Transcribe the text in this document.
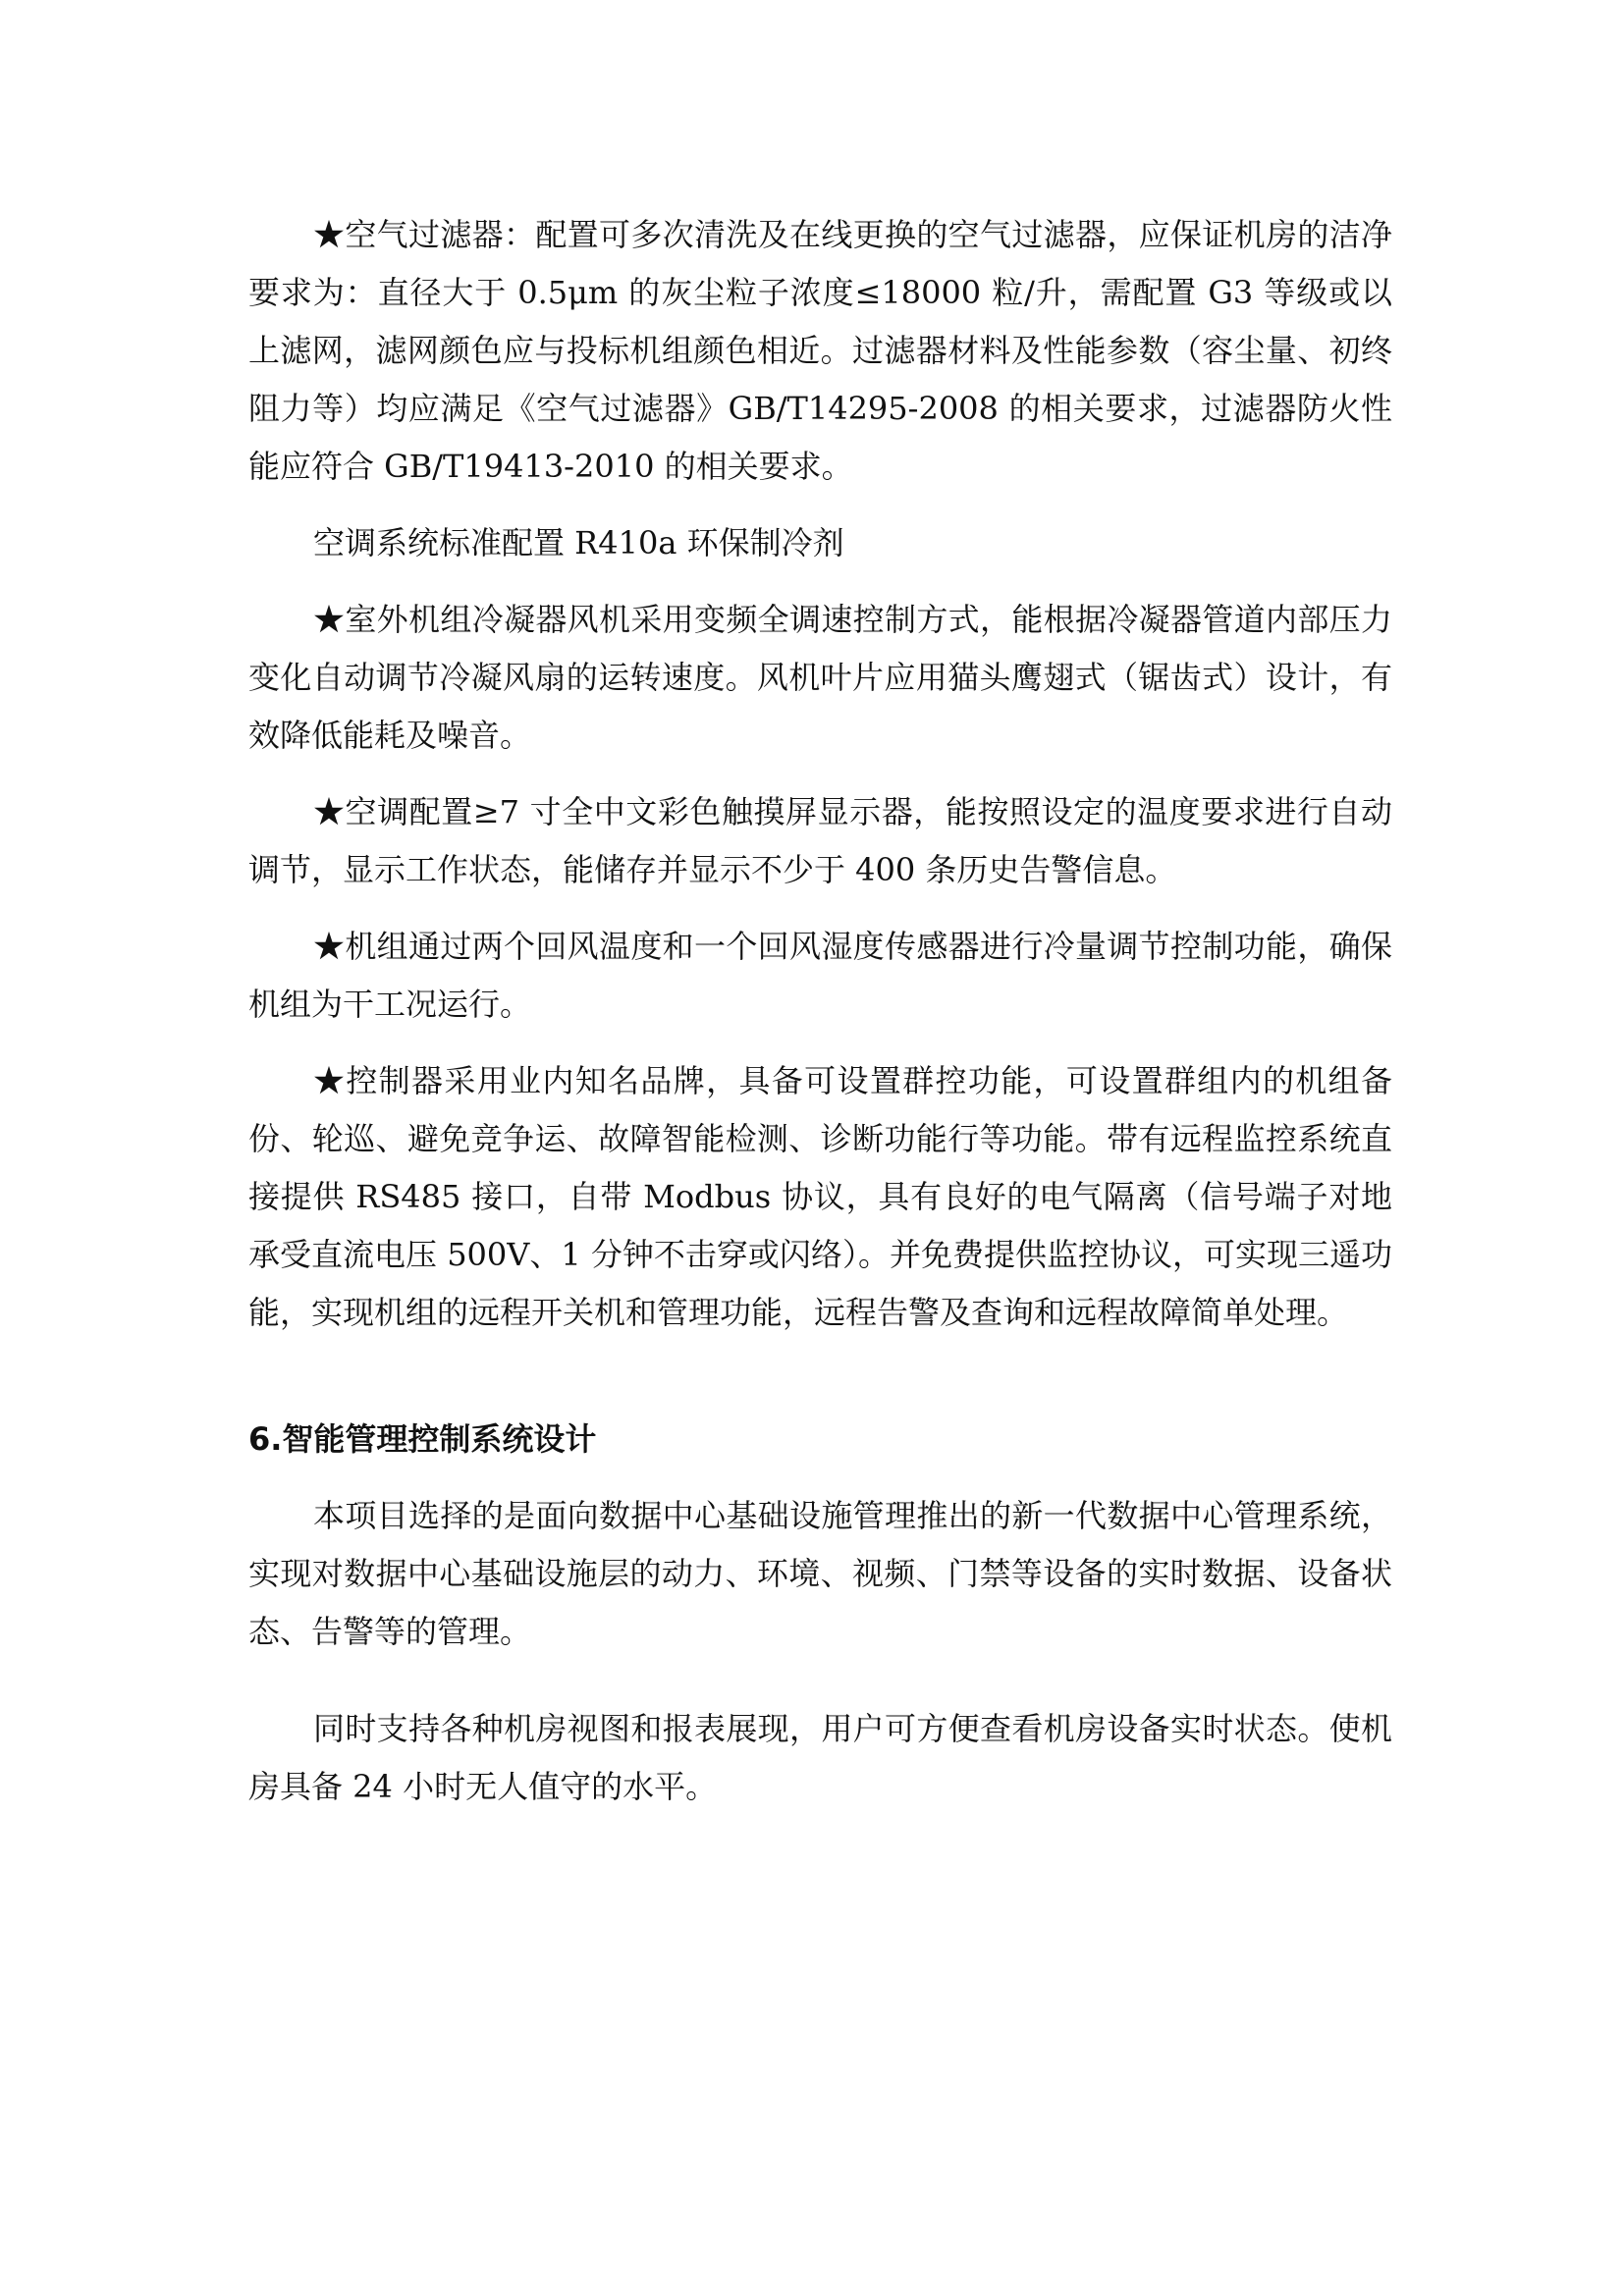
★空气过滤器：配置可多次清洗及在线更换的空气过滤器，应保证机房的洁净要求为：直径大于 0.5μm 的灰尘粒子浓度≤18000 粒/升，需配置 G3 等级或以上滤网，滤网颜色应与投标机组颜色相近。过滤器材料及性能参数（容尘量、初终阻力等）均应满足《空气过滤器》GB/T14295-2008 的相关要求，过滤器防火性能应符合 GB/T19413-2010 的相关要求。

空调系统标准配置 R410a 环保制冷剂

★室外机组冷凝器风机采用变频全调速控制方式，能根据冷凝器管道内部压力变化自动调节冷凝风扇的运转速度。风机叶片应用猫头鹰翅式（锯齿式）设计，有效降低能耗及噪音。

★空调配置≥7 寸全中文彩色触摸屏显示器，能按照设定的温度要求进行自动调节，显示工作状态，能储存并显示不少于 400 条历史告警信息。

★机组通过两个回风温度和一个回风湿度传感器进行冷量调节控制功能，确保机组为干工况运行。

★控制器采用业内知名品牌，具备可设置群控功能，可设置群组内的机组备份、轮巡、避免竞争运、故障智能检测、诊断功能行等功能。带有远程监控系统直接提供 RS485 接口，自带 Modbus 协议，具有良好的电气隔离（信号端子对地承受直流电压 500V、1 分钟不击穿或闪络）。并免费提供监控协议，可实现三遥功能，实现机组的远程开关机和管理功能，远程告警及查询和远程故障简单处理。

6.智能管理控制系统设计

本项目选择的是面向数据中心基础设施管理推出的新一代数据中心管理系统，实现对数据中心基础设施层的动力、环境、视频、门禁等设备的实时数据、设备状态、告警等的管理。

同时支持各种机房视图和报表展现，用户可方便查看机房设备实时状态。使机房具备 24 小时无人值守的水平。
